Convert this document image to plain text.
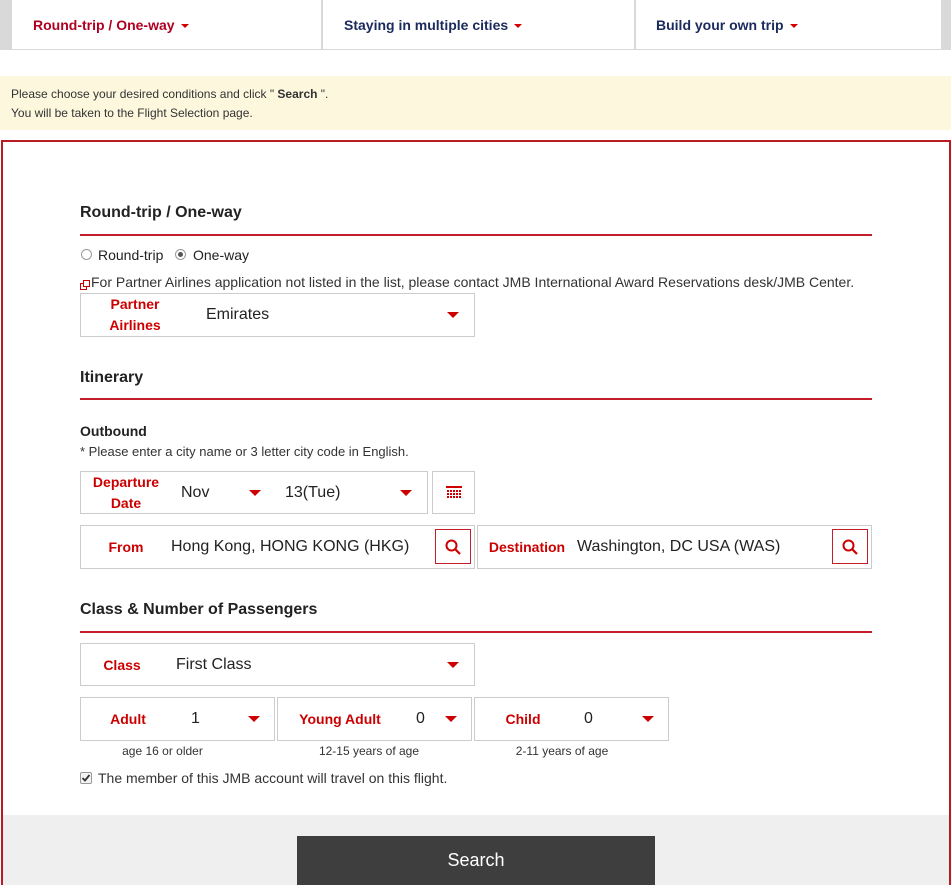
Round-trip / One-way	Staying in multiple cities	Build your own trip
Please choose your desired conditions and click " Search ".
You will be taken to the Flight Selection page.
Round-trip / One-way
Round-trip One-way
For Partner Airlines application not listed in the list, please contact JMB International Award Reservations desk/JMB Center.
Partner
Airlines
Emirates
Itinerary
Outbound
* Please enter a city name or 3 letter city code in English.
Departure
Date
Nov	13(Tue)
From	Hong Kong, HONG KONG (HKG)	Destination Washington, DC USA (WAS)
Class & Number of Passengers
Class	First Class
Adult	1	Young Adult	0	Child	0
age 16 or older	12-15 years of age	2-11 years of age
The member of this JMB account will travel on this flight.
Search
